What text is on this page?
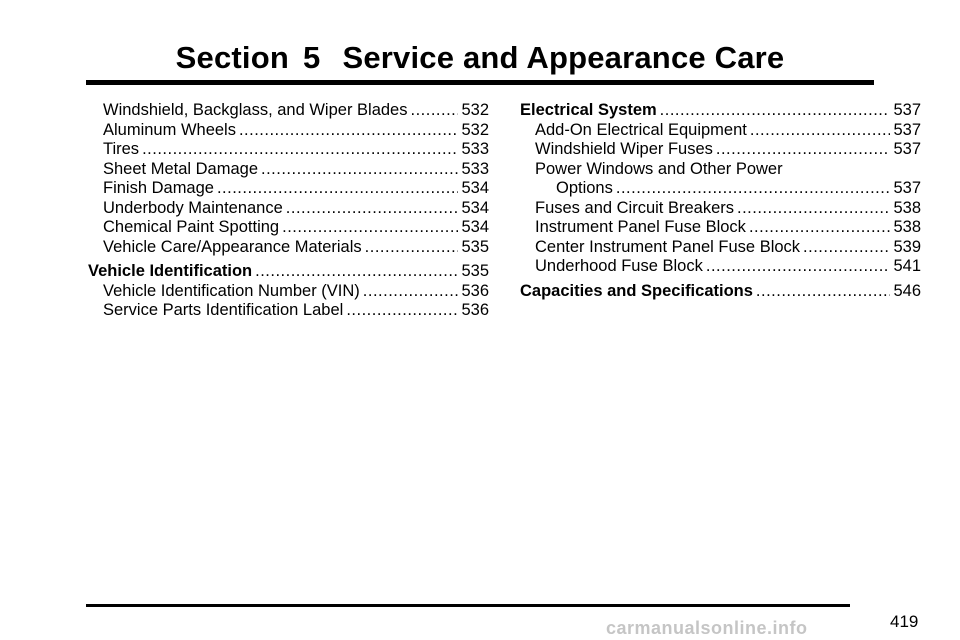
Section 5 Service and Appearance Care
Windshield, Backglass, and Wiper Blades .....	532
Aluminum Wheels .....	532
Tires .....	533
Sheet Metal Damage .....	533
Finish Damage .....	534
Underbody Maintenance .....	534
Chemical Paint Spotting .....	534
Vehicle Care/Appearance Materials .....	535
Vehicle Identification .....	535
Vehicle Identification Number (VIN) .....	536
Service Parts Identification Label .....	536
Electrical System .....	537
Add-On Electrical Equipment .....	537
Windshield Wiper Fuses .....	537
Power Windows and Other Power
Options .....	537
Fuses and Circuit Breakers .....	538
Instrument Panel Fuse Block .....	538
Center Instrument Panel Fuse Block .....	539
Underhood Fuse Block .....	541
Capacities and Specifications .....	546
419
carmanualsonline.info
